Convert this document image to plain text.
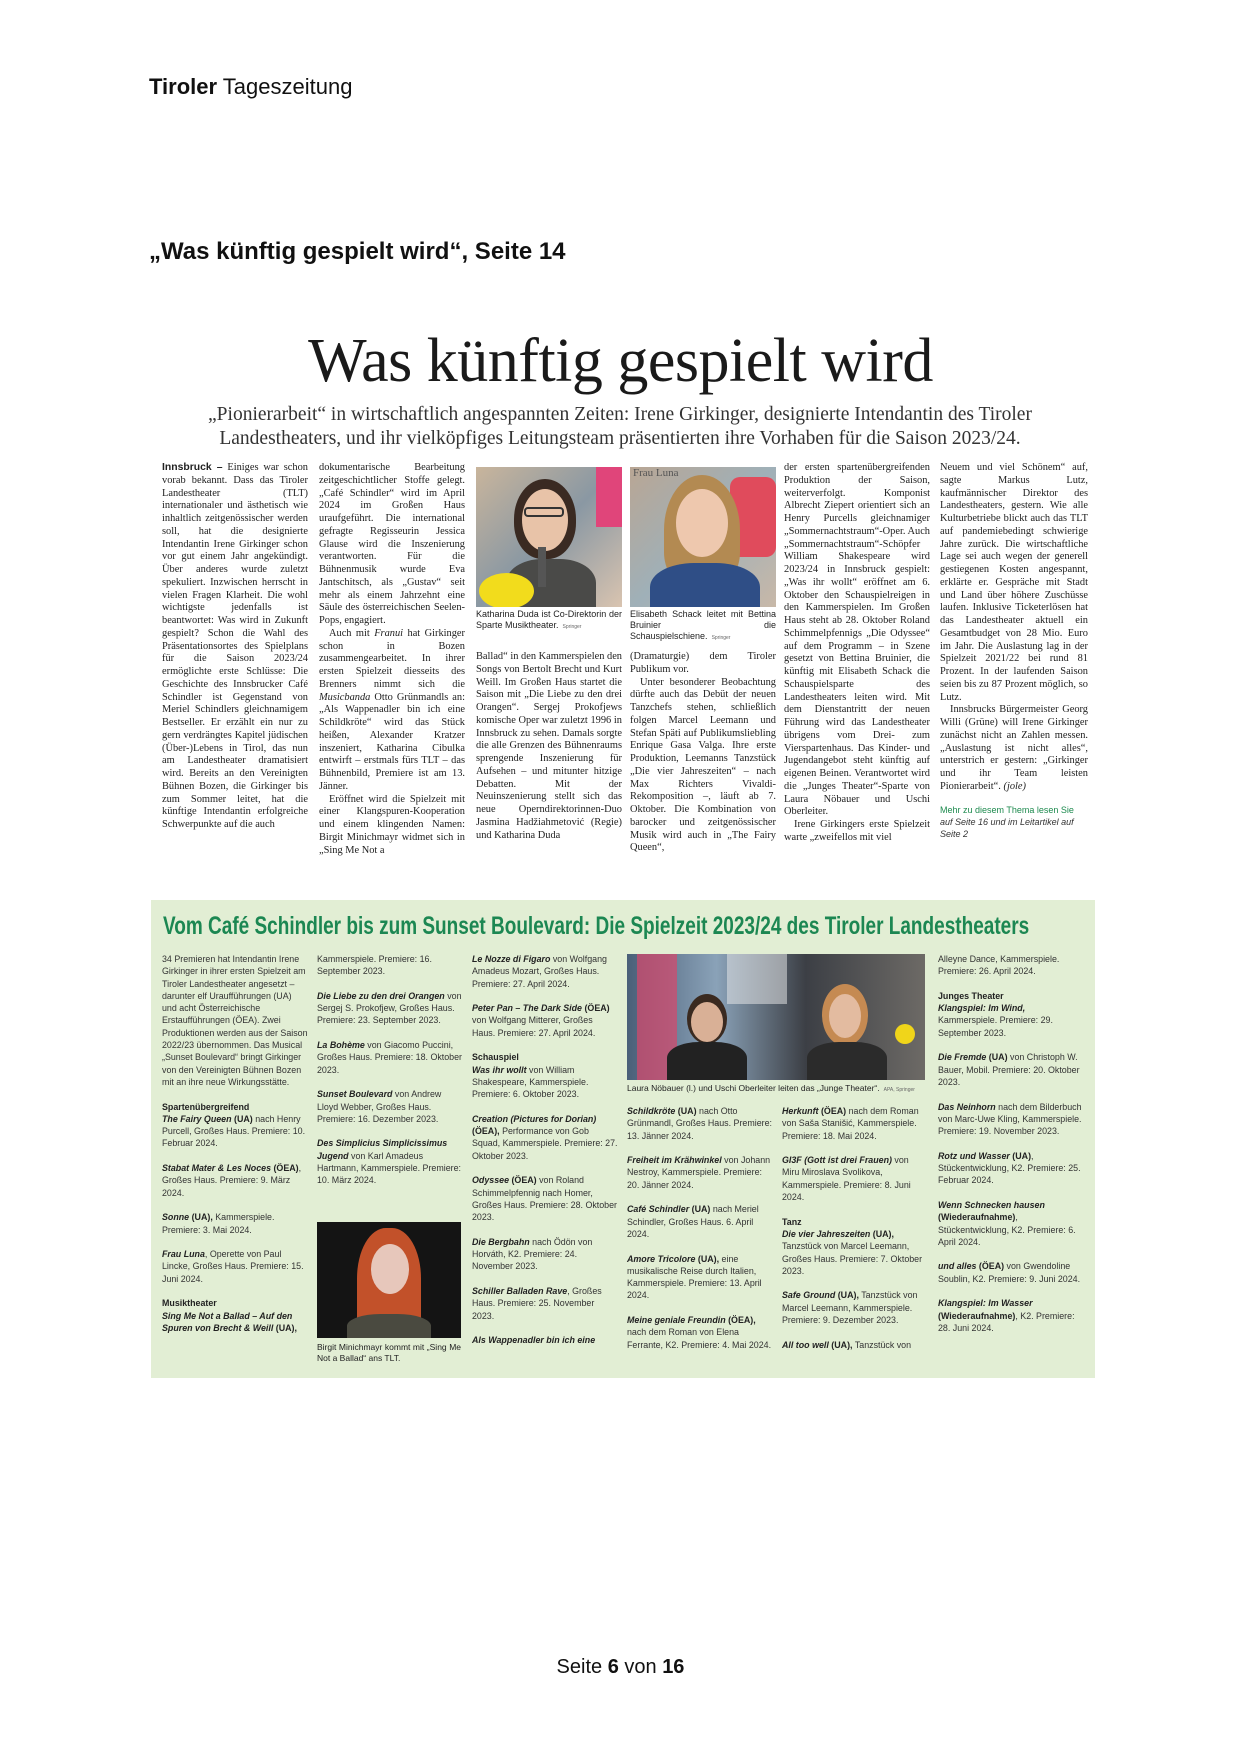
Tiroler Tageszeitung
„Was künftig gespielt wird“, Seite 14
Was künftig gespielt wird
„Pionierarbeit“ in wirtschaftlich angespannten Zeiten: Irene Girkinger, designierte Intendantin des Tiroler Landestheaters, und ihr vielköpfiges Leitungsteam präsentierten ihre Vorhaben für die Saison 2023/24.

Innsbruck – Einiges war schon vorab bekannt. Dass das Tiroler Landestheater (TLT) internationaler und ästhetisch wie inhaltlich zeitgenössischer werden soll, hat die designierte Intendantin Irene Girkinger schon vor gut einem Jahr angekündigt. Über anderes wurde zuletzt spekuliert. Inzwischen herrscht in vielen Fragen Klarheit. Die wohl wichtigste jedenfalls ist beantwortet: Was wird in Zukunft gespielt? Schon die Wahl des Präsentationsortes des Spielplans für die Saison 2023/24 ermöglichte erste Schlüsse: Die Geschichte des Innsbrucker Café Schindler ist Gegenstand von Meriel Schindlers gleichnamigem Bestseller. Er erzählt ein nur zu gern verdrängtes Kapitel jüdischen (Über-)Lebens in Tirol, das nun am Landestheater dramatisiert wird. Bereits an den Vereinigten Bühnen Bozen, die Girkinger bis zum Sommer leitet, hat die künftige Intendantin erfolgreiche Schwerpunkte auf die auch

dokumentarische Bearbeitung zeitgeschichtlicher Stoffe gelegt. „Café Schindler“ wird im April 2024 im Großen Haus uraufgeführt. Die international gefragte Regisseurin Jessica Glause wird die Inszenierung verantworten. Für die Bühnenmusik wurde Eva Jantschitsch, als „Gustav“ seit mehr als einem Jahrzehnt eine Säule des österreichischen Seelen-Pops, engagiert.

Auch mit Franui hat Girkinger schon in Bozen zusammengearbeitet. In ihrer ersten Spielzeit diesseits des Brenners nimmt sich die Musicbanda Otto Grünmandls an: „Als Wappenadler bin ich eine Schildkröte“ wird das Stück heißen, Alexander Kratzer inszeniert, Katharina Cibulka entwirft – erstmals fürs TLT – das Bühnenbild, Premiere ist am 13. Jänner.

Eröffnet wird die Spielzeit mit einer Klangspuren-Kooperation und einem klingenden Namen: Birgit Minichmayr widmet sich in „Sing Me Not a

Ballad“ in den Kammerspielen den Songs von Bertolt Brecht und Kurt Weill. Im Großen Haus startet die Saison mit „Die Liebe zu den drei Orangen“. Sergej Prokofjews komische Oper war zuletzt 1996 in Innsbruck zu sehen. Damals sorgte die alle Grenzen des Bühnenraums sprengende Inszenierung für Aufsehen – und mitunter hitzige Debatten. Mit der Neuinszenierung stellt sich das neue Operndirektorinnen-Duo Jasmina Hadžiahmetović (Regie) und Katharina Duda

(Dramaturgie) dem Tiroler Publikum vor.

Unter besonderer Beobachtung dürfte auch das Debüt der neuen Tanzchefs stehen, schließlich folgen Marcel Leemann und Stefan Späti auf Publikumsliebling Enrique Gasa Valga. Ihre erste Produktion, Leemanns Tanzstück „Die vier Jahreszeiten“ – nach Max Richters Vivaldi-Rekomposition –, läuft ab 7. Oktober. Die Kombination von barocker und zeitgenössischer Musik wird auch in „The Fairy Queen“,

der ersten spartenübergreifenden Produktion der Saison, weiterverfolgt. Komponist Albrecht Ziepert orientiert sich an Henry Purcells gleichnamiger „Sommernachtstraum“-Oper. Auch „Sommernachtstraum“-Schöpfer William Shakespeare wird 2023/24 in Innsbruck gespielt: „Was ihr wollt“ eröffnet am 6. Oktober den Schauspielreigen in den Kammerspielen. Im Großen Haus steht ab 28. Oktober Roland Schimmelpfennigs „Die Odyssee“ auf dem Programm – in Szene gesetzt von Bettina Bruinier, die künftig mit Elisabeth Schack die Schauspielsparte des Landestheaters leiten wird. Mit dem Dienstantritt der neuen Führung wird das Landestheater übrigens vom Drei- zum Vierspartenhaus. Das Kinder- und Jugendangebot steht künftig auf eigenen Beinen. Verantwortet wird die „Junges Theater“-Sparte von Laura Nöbauer und Uschi Oberleiter.

Irene Girkingers erste Spielzeit warte „zweifellos mit viel

Neuem und viel Schönem“ auf, sagte Markus Lutz, kaufmännischer Direktor des Landestheaters, gestern. Wie alle Kulturbetriebe blickt auch das TLT auf pandemiebedingt schwierige Jahre zurück. Die wirtschaftliche Lage sei auch wegen der generell gestiegenen Kosten angespannt, erklärte er. Gespräche mit Stadt und Land über höhere Zuschüsse laufen. Inklusive Ticketerlösen hat das Landestheater aktuell ein Gesamtbudget von 28 Mio. Euro im Jahr. Die Auslastung lag in der Spielzeit 2021/22 bei rund 81 Prozent. In der laufenden Saison seien bis zu 87 Prozent möglich, so Lutz.

Innsbrucks Bürgermeister Georg Willi (Grüne) will Irene Girkinger zunächst nicht an Zahlen messen. „Auslastung ist nicht alles“, unterstrich er gestern: „Girkinger und ihr Team leisten Pionierarbeit“. (jole)

Mehr zu diesem Thema lesen Sie
auf Seite 16 und im Leitartikel auf Seite 2
Katharina Duda ist Co-Direktorin der Sparte Musiktheater. Springer
Frau Luna
Elisabeth Schack leitet mit Bettina Bruinier die Schauspielschiene. Springer
Vom Café Schindler bis zum Sunset Boulevard: Die Spielzeit 2023/24 des Tiroler Landestheaters

34 Premieren hat Intendantin Irene Girkinger in ihrer ersten Spielzeit am Tiroler Landestheater angesetzt – darunter elf Uraufführungen (UA) und acht Österreichische Erstaufführungen (ÖEA). Zwei Produktionen werden aus der Saison 2022/23 übernommen. Das Musical „Sunset Boulevard“ bringt Girkinger von den Vereinigten Bühnen Bozen mit an ihre neue Wirkungsstätte.

Spartenübergreifend
The Fairy Queen (UA) nach Henry Purcell, Großes Haus. Premiere: 10. Februar 2024.

Stabat Mater & Les Noces (ÖEA), Großes Haus. Premiere: 9. März 2024.

Sonne (UA), Kammerspiele. Premiere: 3. Mai 2024.

Frau Luna, Operette von Paul Lincke, Großes Haus. Premiere: 15. Juni 2024.

Musiktheater
Sing Me Not a Ballad – Auf den Spuren von Brecht & Weill (UA),

Kammerspiele. Premiere: 16. September 2023.

Die Liebe zu den drei Orangen von Sergej S. Prokofjew, Großes Haus. Premiere: 23. September 2023.

La Bohème von Giacomo Puccini, Großes Haus. Premiere: 18. Oktober 2023.

Sunset Boulevard von Andrew Lloyd Webber, Großes Haus. Premiere: 16. Dezember 2023.

Des Simplicius Simplicissimus Jugend von Karl Amadeus Hartmann, Kammerspiele. Premiere: 10. März 2024.

Le Nozze di Figaro von Wolfgang Amadeus Mozart, Großes Haus. Premiere: 27. April 2024.

Peter Pan – The Dark Side (ÖEA) von Wolfgang Mitterer, Großes Haus. Premiere: 27. April 2024.

Schauspiel
Was ihr wollt von William Shakespeare, Kammerspiele. Premiere: 6. Oktober 2023.

Creation (Pictures for Dorian) (ÖEA), Performance von Gob Squad, Kammerspiele. Premiere: 27. Oktober 2023.

Odyssee (ÖEA) von Roland Schimmelpfennig nach Homer, Großes Haus. Premiere: 28. Oktober 2023.

Die Bergbahn nach Ödön von Horváth, K2. Premiere: 24. November 2023.

Schiller Balladen Rave, Großes Haus. Premiere: 25. November 2023.

Als Wappenadler bin ich eine

Schildkröte (UA) nach Otto Grünmandl, Großes Haus. Premiere: 13. Jänner 2024.

Freiheit im Krähwinkel von Johann Nestroy, Kammerspiele. Premiere: 20. Jänner 2024.

Café Schindler (UA) nach Meriel Schindler, Großes Haus. 6. April 2024.

Amore Tricolore (UA), eine musikalische Reise durch Italien, Kammerspiele. Premiere: 13. April 2024.

Meine geniale Freundin (ÖEA), nach dem Roman von Elena Ferrante, K2. Premiere: 4. Mai 2024.

Herkunft (ÖEA) nach dem Roman von Saša Stanišić, Kammerspiele. Premiere: 18. Mai 2024.

GI3F (Gott ist drei Frauen) von Miru Miroslava Svolikova, Kammerspiele. Premiere: 8. Juni 2024.

Tanz
Die vier Jahreszeiten (UA), Tanzstück von Marcel Leemann, Großes Haus. Premiere: 7. Oktober 2023.

Safe Ground (UA), Tanzstück von Marcel Leemann, Kammerspiele. Premiere: 9. Dezember 2023.

All too well (UA), Tanzstück von

Alleyne Dance, Kammerspiele. Premiere: 26. April 2024.

Junges Theater
Klangspiel: Im Wind, Kammerspiele. Premiere: 29. September 2023.

Die Fremde (UA) von Christoph W. Bauer, Mobil. Premiere: 20. Oktober 2023.

Das Neinhorn nach dem Bilderbuch von Marc-Uwe Kling, Kammerspiele. Premiere: 19. November 2023.

Rotz und Wasser (UA), Stückentwicklung, K2. Premiere: 25. Februar 2024.

Wenn Schnecken hausen (Wiederaufnahme), Stückentwicklung, K2. Premiere: 6. April 2024.

und alles (ÖEA) von Gwendoline Soublin, K2. Premiere: 9. Juni 2024.

Klangspiel: Im Wasser (Wiederaufnahme), K2. Premiere: 28. Juni 2024.

Laura Nöbauer (l.) und Uschi Oberleiter leiten das „Junge Theater“. APA, Springer
Birgit Minichmayr kommt mit „Sing Me Not a Ballad“ ans TLT.
Seite 6 von 16
